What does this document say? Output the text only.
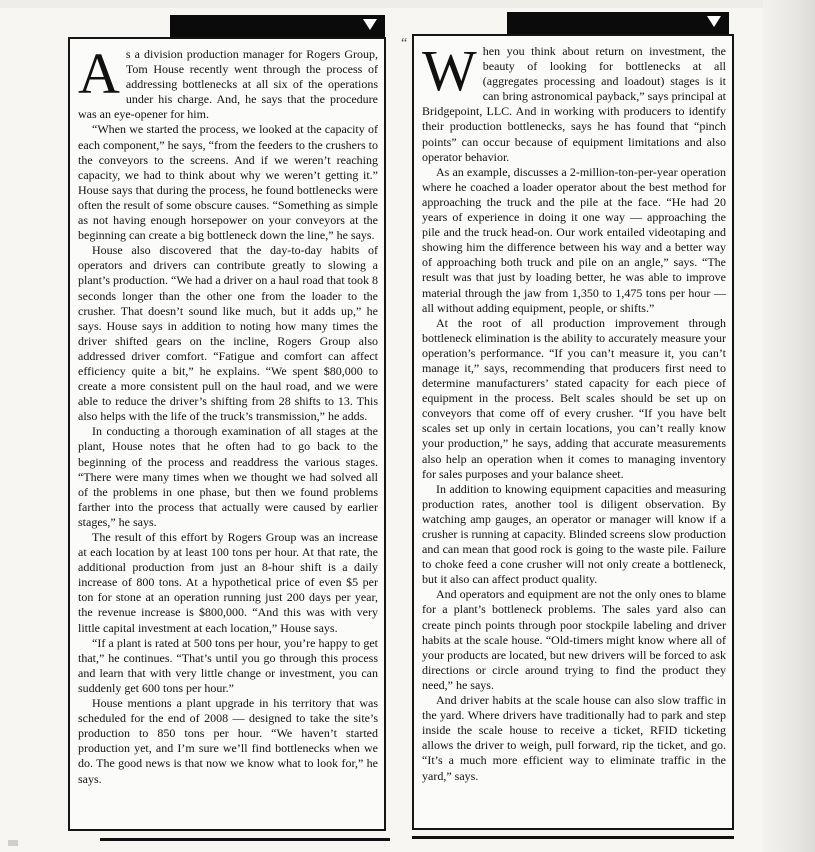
“

As a division production manager for Rogers Group, Tom House recently went through the process of addressing bottlenecks at all six of the operations under his charge. And, he says that the procedure was an eye-opener for him.

“When we started the process, we looked at the capacity of each component,” he says, “from the feeders to the crushers to the conveyors to the screens. And if we weren’t reaching capacity, we had to think about why we weren’t getting it.” House says that during the process, he found bottlenecks were often the result of some obscure causes. “Something as simple as not having enough horsepower on your conveyors at the beginning can create a big bottleneck down the line,” he says.

House also discovered that the day-to-day habits of operators and drivers can contribute greatly to slowing a plant’s production. “We had a driver on a haul road that took 8 seconds longer than the other one from the loader to the crusher. That doesn’t sound like much, but it adds up,” he says. House says in addition to noting how many times the driver shifted gears on the incline, Rogers Group also addressed driver comfort. “Fatigue and comfort can affect efficiency quite a bit,” he explains. “We spent $80,000 to create a more consistent pull on the haul road, and we were able to reduce the driver’s shifting from 28 shifts to 13. This also helps with the life of the truck’s transmission,” he adds.

In conducting a thorough examination of all stages at the plant, House notes that he often had to go back to the beginning of the process and readdress the various stages. “There were many times when we thought we had solved all of the problems in one phase, but then we found problems farther into the process that actually were caused by earlier stages,” he says.

The result of this effort by Rogers Group was an increase at each location by at least 100 tons per hour. At that rate, the additional production from just an 8-hour shift is a daily increase of 800 tons. At a hypothetical price of even $5 per ton for stone at an operation running just 200 days per year, the revenue increase is $800,000. “And this was with very little capital investment at each location,” House says.

“If a plant is rated at 500 tons per hour, you’re happy to get that,” he continues. “That’s until you go through this process and learn that with very little change or investment, you can suddenly get 600 tons per hour.”

House mentions a plant upgrade in his territory that was scheduled for the end of 2008 — designed to take the site’s production to 850 tons per hour. “We haven’t started production yet, and I’m sure we’ll find bottlenecks when we do. The good news is that now we know what to look for,” he says.

When you think about return on investment, the beauty of looking for bottlenecks at all (aggregates processing and loadout) stages is it can bring astronomical payback,” says principal at Bridgepoint, LLC. And in working with producers to identify their production bottlenecks, says he has found that “pinch points” can occur because of equipment limitations and also operator behavior.

As an example, discusses a 2-million-ton-per-year operation where he coached a loader operator about the best method for approaching the truck and the pile at the face. “He had 20 years of experience in doing it one way — approaching the pile and the truck head-on. Our work entailed videotaping and showing him the difference between his way and a better way of approaching both truck and pile on an angle,” says. “The result was that just by loading better, he was able to improve material through the jaw from 1,350 to 1,475 tons per hour — all without adding equipment, people, or shifts.”

At the root of all production improvement through bottleneck elimination is the ability to accurately measure your operation’s performance. “If you can’t measure it, you can’t manage it,” says, recommending that producers first need to determine manufacturers’ stated capacity for each piece of equipment in the process. Belt scales should be set up on conveyors that come off of every crusher. “If you have belt scales set up only in certain locations, you can’t really know your production,” he says, adding that accurate measurements also help an operation when it comes to managing inventory for sales purposes and your balance sheet.

In addition to knowing equipment capacities and measuring production rates, another tool is diligent observation. By watching amp gauges, an operator or manager will know if a crusher is running at capacity. Blinded screens slow production and can mean that good rock is going to the waste pile. Failure to choke feed a cone crusher will not only create a bottleneck, but it also can affect product quality.

And operators and equipment are not the only ones to blame for a plant’s bottleneck problems. The sales yard also can create pinch points through poor stockpile labeling and driver habits at the scale house. “Old-timers might know where all of your products are located, but new drivers will be forced to ask directions or circle around trying to find the product they need,” he says.

And driver habits at the scale house can also slow traffic in the yard. Where drivers have traditionally had to park and step inside the scale house to receive a ticket, RFID ticketing allows the driver to weigh, pull forward, rip the ticket, and go. “It’s a much more efficient way to eliminate traffic in the yard,” says.
